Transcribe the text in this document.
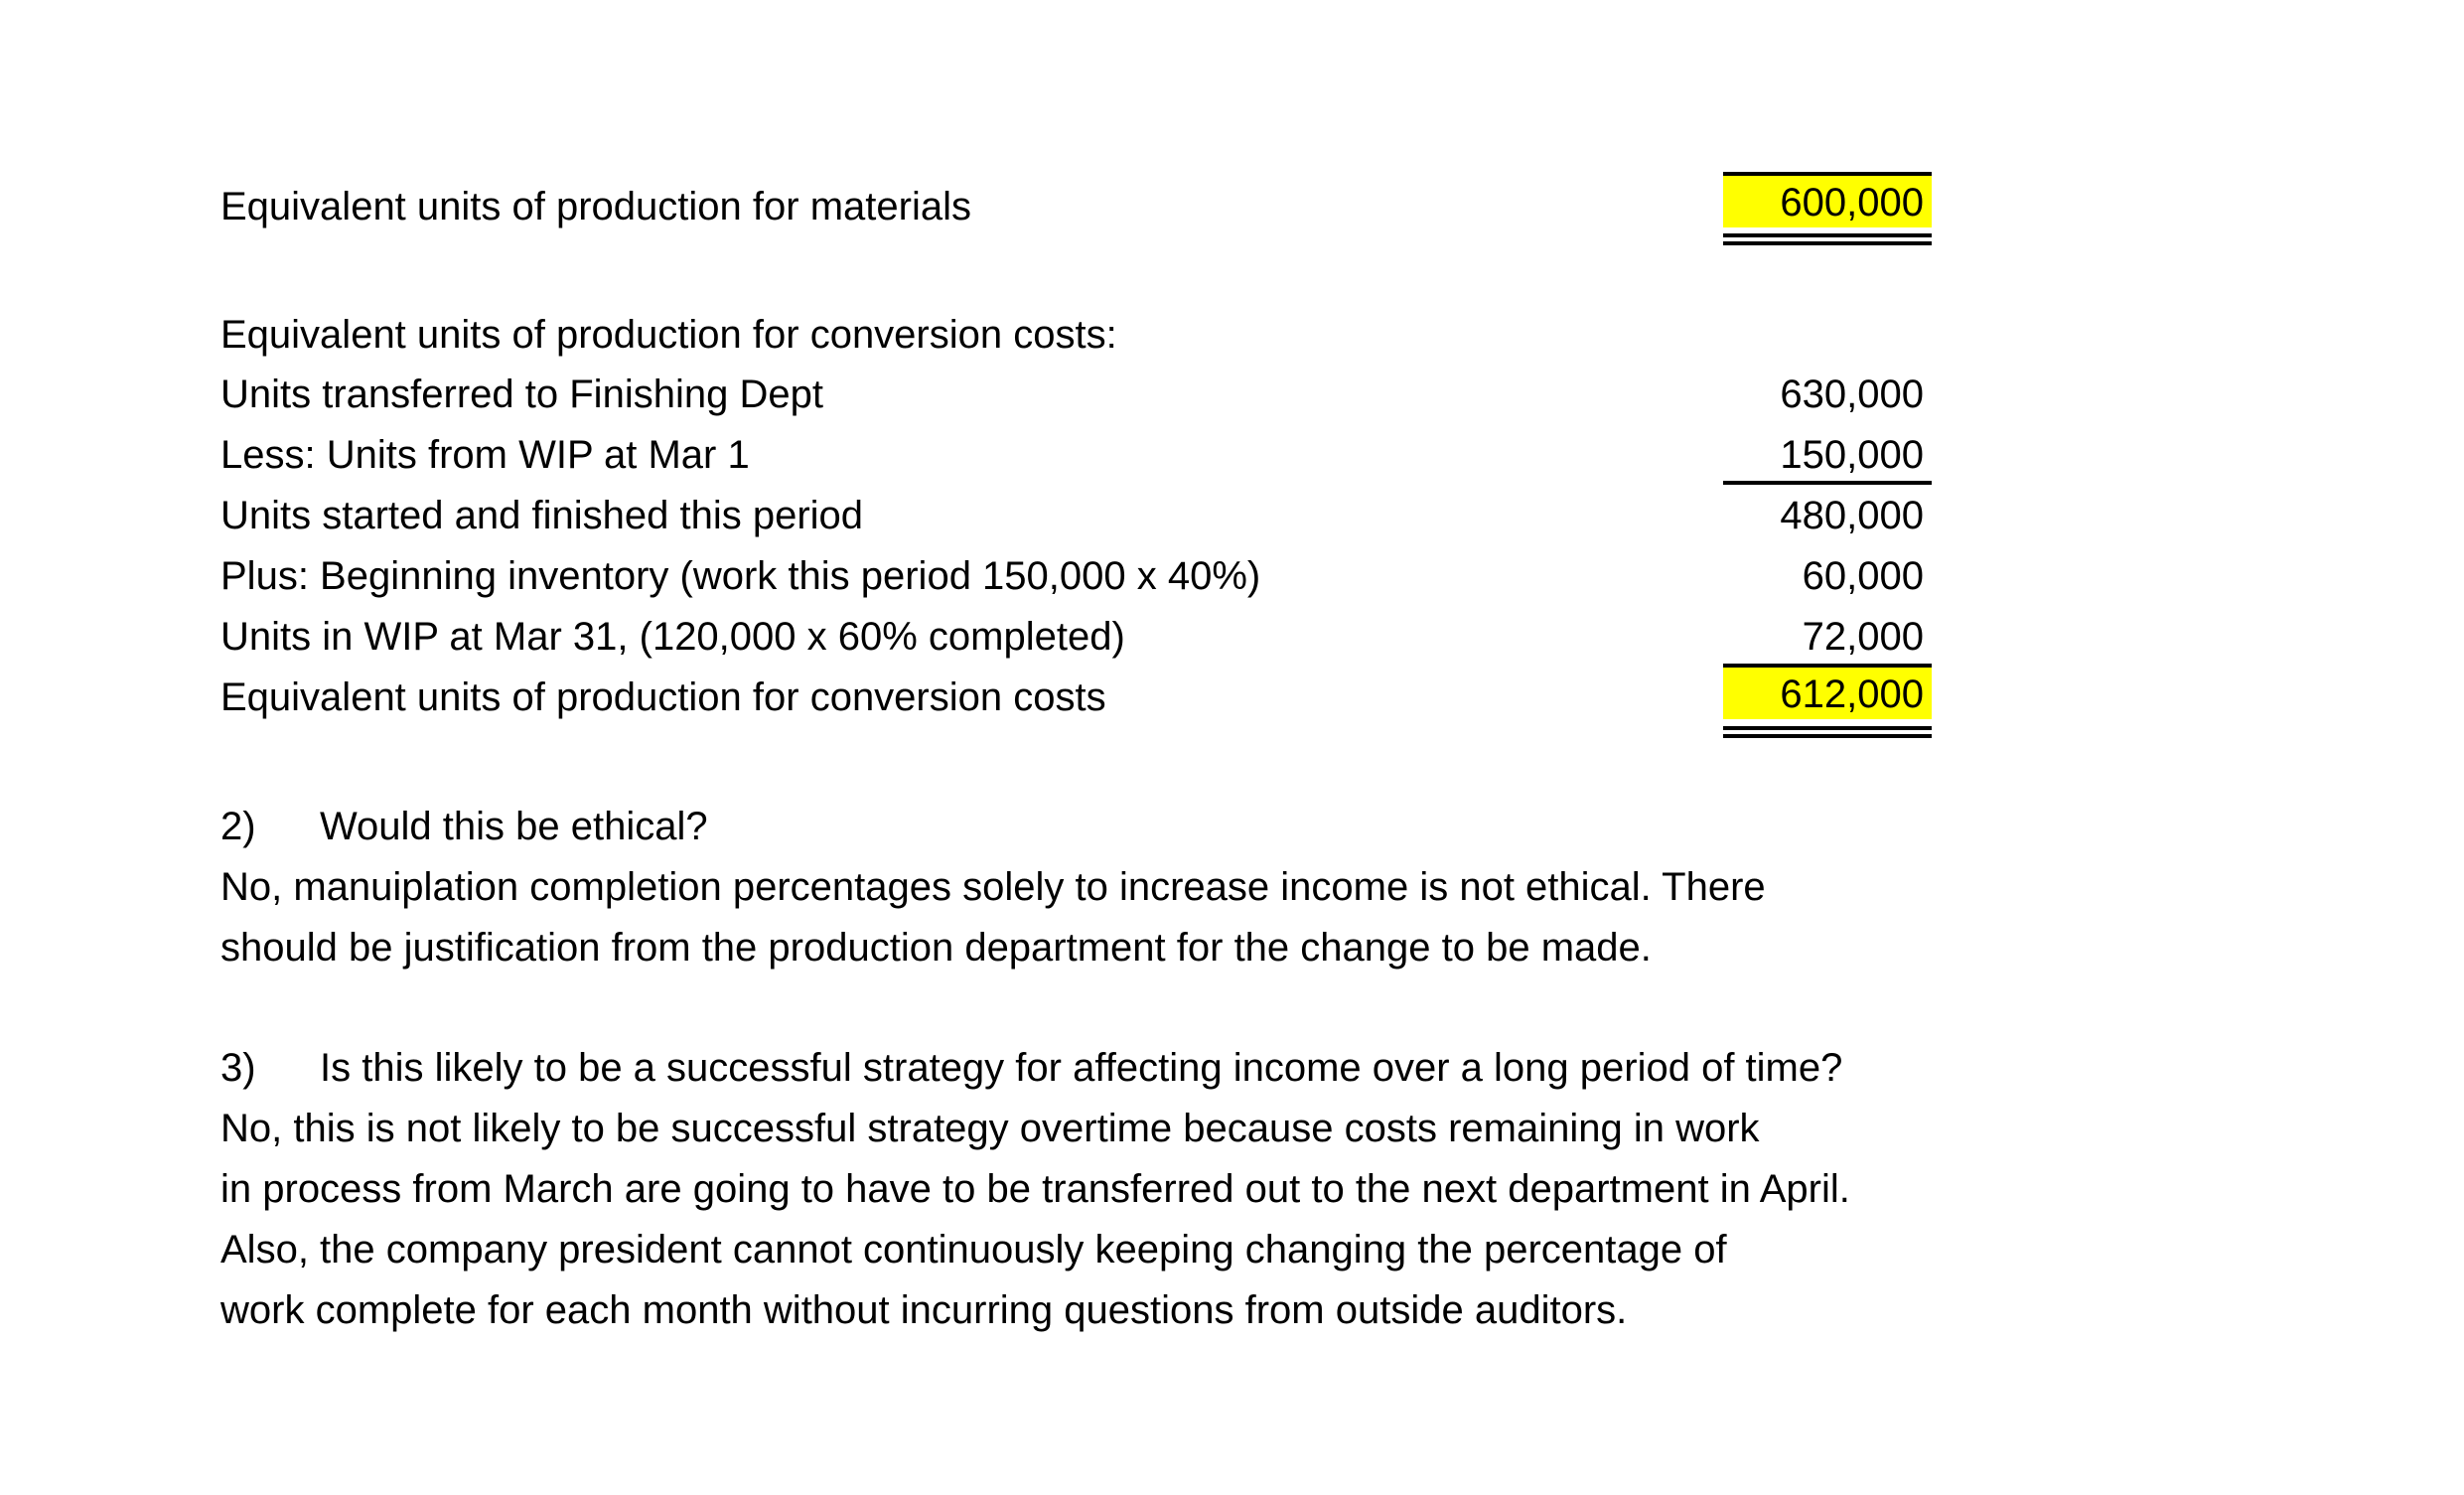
Equivalent units of production for materials	600,000
Equivalent units of production for conversion costs:
Units transferred to Finishing Dept	630,000
Less: Units from WIP at Mar 1	150,000
Units started and finished this period	480,000
Plus: Beginning inventory (work this period 150,000 x 40%)	60,000
Units in WIP at Mar 31, (120,000 x 60% completed)	72,000
Equivalent units of production for conversion costs	612,000
2) Would this be ethical?
No, manuiplation completion percentages solely to increase income is not ethical. There
should be justification from the production department for the change to be made.
3) Is this likely to be a successful strategy for affecting income over a long period of time?
No, this is not likely to be successful strategy overtime because costs remaining in work
in process from March are going to have to be transferred out to the next department in April.
Also, the company president cannot continuously keeping changing the percentage of
work complete for each month without incurring questions from outside auditors.
